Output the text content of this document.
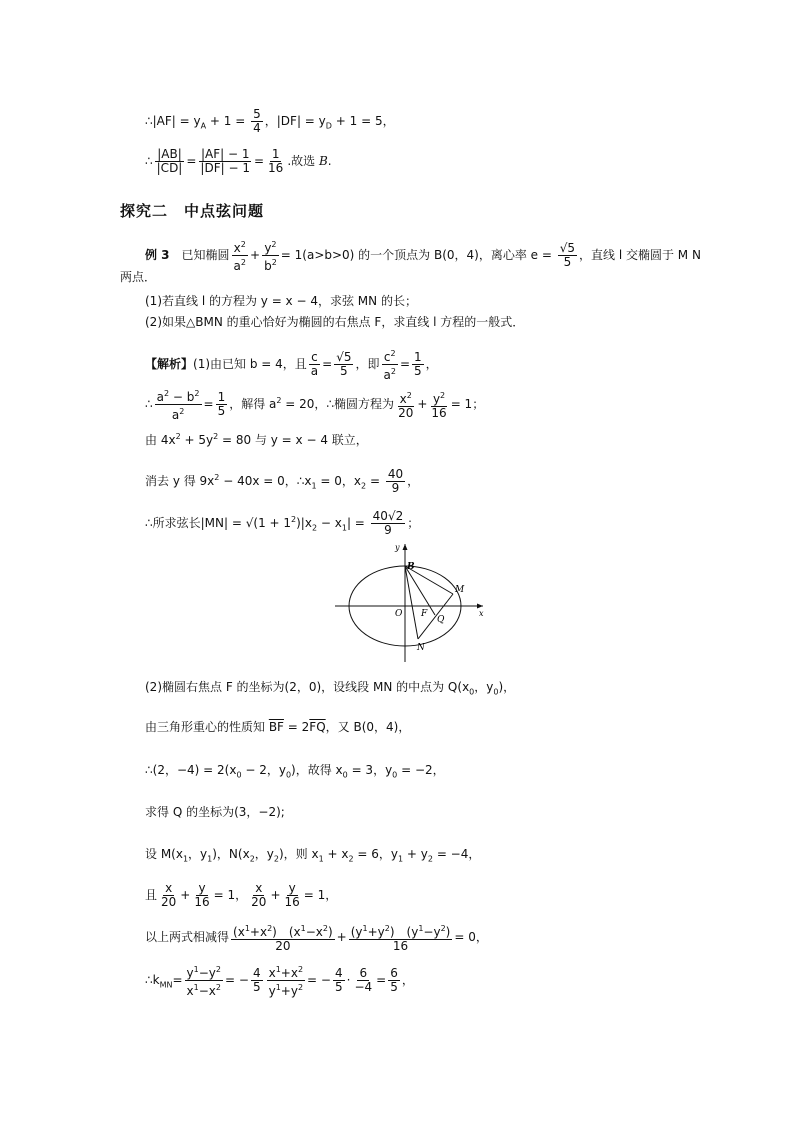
∴|AF| = $y_A + 1 = \frac{5}{4}$ ，$|DF| = y_D + 1 = 5$，
∴ $\frac{|AB|}{|CD|} = \frac{|AF| - 1}{|DF| - 1} = \frac{1}{16}$ .故选 B.
探究二　中点弦问题
例 3　已知椭圆 $\frac{x^2}{a^2} + \frac{y^2}{b^2} = 1(a>b>0)$ 的一个顶点为 B(0，4)，离心率 $e = \frac{√5}{5}$ ，直线 l 交椭圆于 M N
两点．
(1)若直线 l 的方程为 y = x − 4，求弦 MN 的长；
(2)如果△BMN 的重心恰好为椭圆的右焦点 F，求直线 l 方程的一般式．
【解析】(1)由已知 b = 4，且 $\frac{c}{a} = \frac{√5}{5}$ ，即 $\frac{c^2}{a^2} = \frac{1}{5}$ ，
∴ $\frac{a^2 - b^2}{a^2} = \frac{1}{5}$ ，解得 $a^2 = 20$，∴椭圆方程为 $\frac{x^2}{20} + \frac{y^2}{16} = 1$；
由 $4x^2 + 5y^2 = 80$ 与 y = x − 4 联立，
消去 y 得 $9x^2 - 40x = 0$，$\therefore x_1 = 0$，$x_2 = \frac{40}{9}$ ，
∴所求弦长$|MN| = √(1 + 1^2)|x_2 - x_1| = \frac{40√2}{9}$ ；
y
x
B
M
O F
Q
N
(2)椭圆右焦点 F 的坐标为(2，0)，设线段 MN 的中点为 $Q(x_0$，$y_0$)，
由三角形重心的性质知 $\overline{BF} = 2\overline{FQ}$，又 B(0，4)，
∴(2，$-4) = 2(x_0 - 2$，$y_0$)，故得 $x_0 = 3$，$y_0 = -2$，
求得 Q 的坐标为(3，−2);
设 $M(x_1$，$y_1$)，$N(x_2$，$y_2$)，则 $x_1 + x_2 = 6$，$y_1 + y_2 = -4$，
且 $\frac{x}{20} + \frac{y}{16} = 1$， $\frac{x}{20} + \frac{y}{16} = 1$，
以上两式相减得 $\frac{(x^1+x^2) (x^1-x^2)}{20} + \frac{(y^1+y^2) (y^1-y^2)}{16} = 0$，
$\therefore k_{MN}= \frac{y^1-y^2}{x^1-x^2}$ = − $\frac{4}{5} \frac{x^1+x^2}{y^1+y^2}$ = − $\frac{4}{5} \cdot \frac{6}{-4} = \frac{6}{5}$ ，
